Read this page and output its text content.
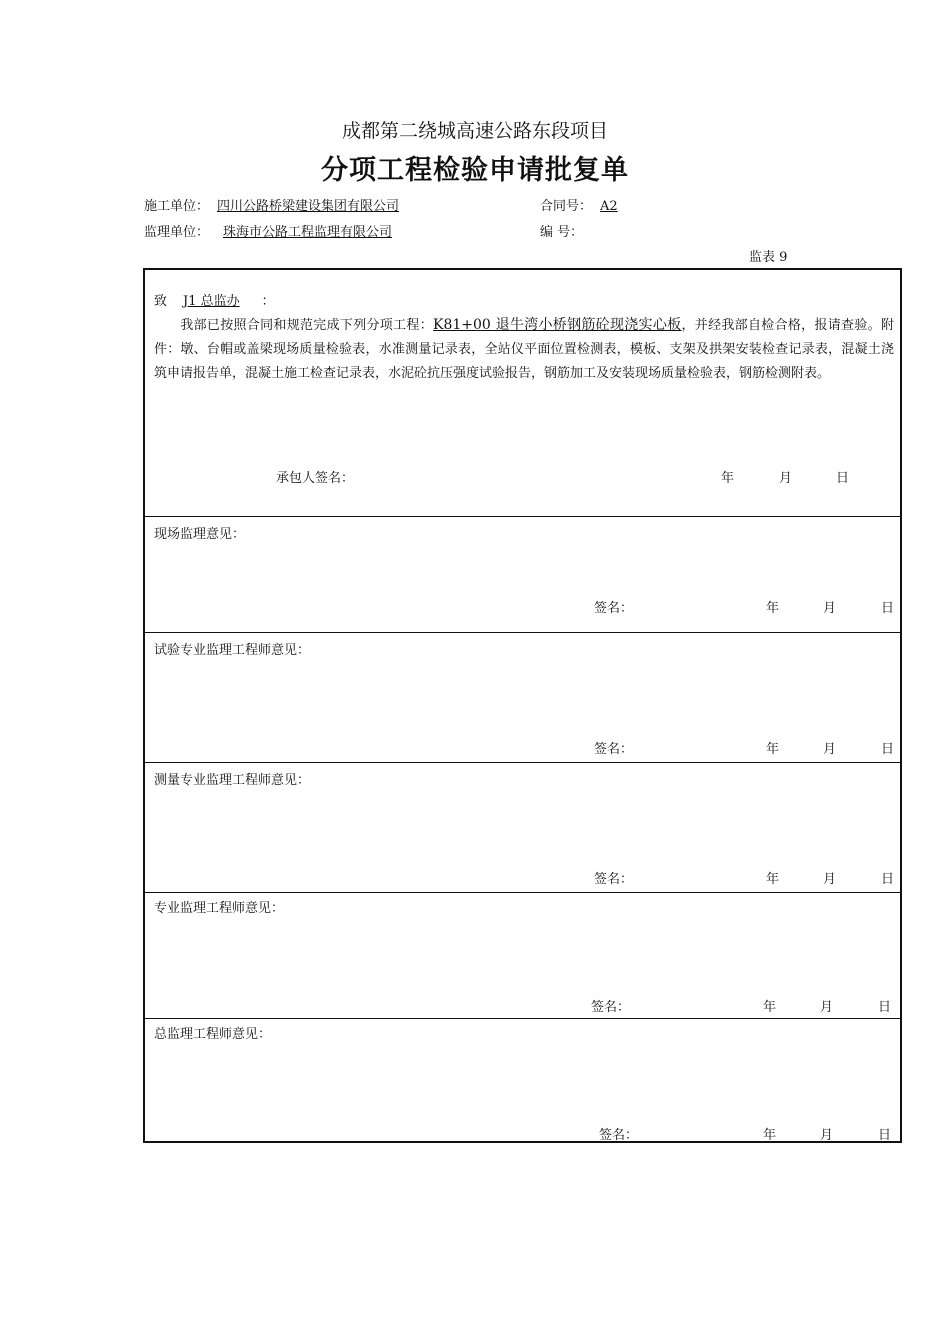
成都第二绕城高速公路东段项目
分项工程检验申请批复单
施工单位： 四川公路桥梁建设集团有限公司	合同号： A2
监理单位： 珠海市公路工程监理有限公司	编 号：
监表 9
致 J1 总监办 ：
我部已按照合同和规范完成下列分项工程：K81+00 退牛湾小桥钢筋砼现浇实心板，并经我部自检合格，报请查验。附件：墩、台帽或盖梁现场质量检验表，水准测量记录表，全站仪平面位置检测表，模板、支架及拱架安装检查记录表，混凝土浇筑申请报告单，混凝土施工检查记录表，水泥砼抗压强度试验报告，钢筋加工及安装现场质量检验表，钢筋检测附表。
承包人签名：	年	月	日
现场监理意见：
签名：	年	月	日
试验专业监理工程师意见：
签名：	年	月	日
测量专业监理工程师意见：
签名：	年	月	日
专业监理工程师意见：
签名：	年	月	日
总监理工程师意见：
签名：	年	月	日
